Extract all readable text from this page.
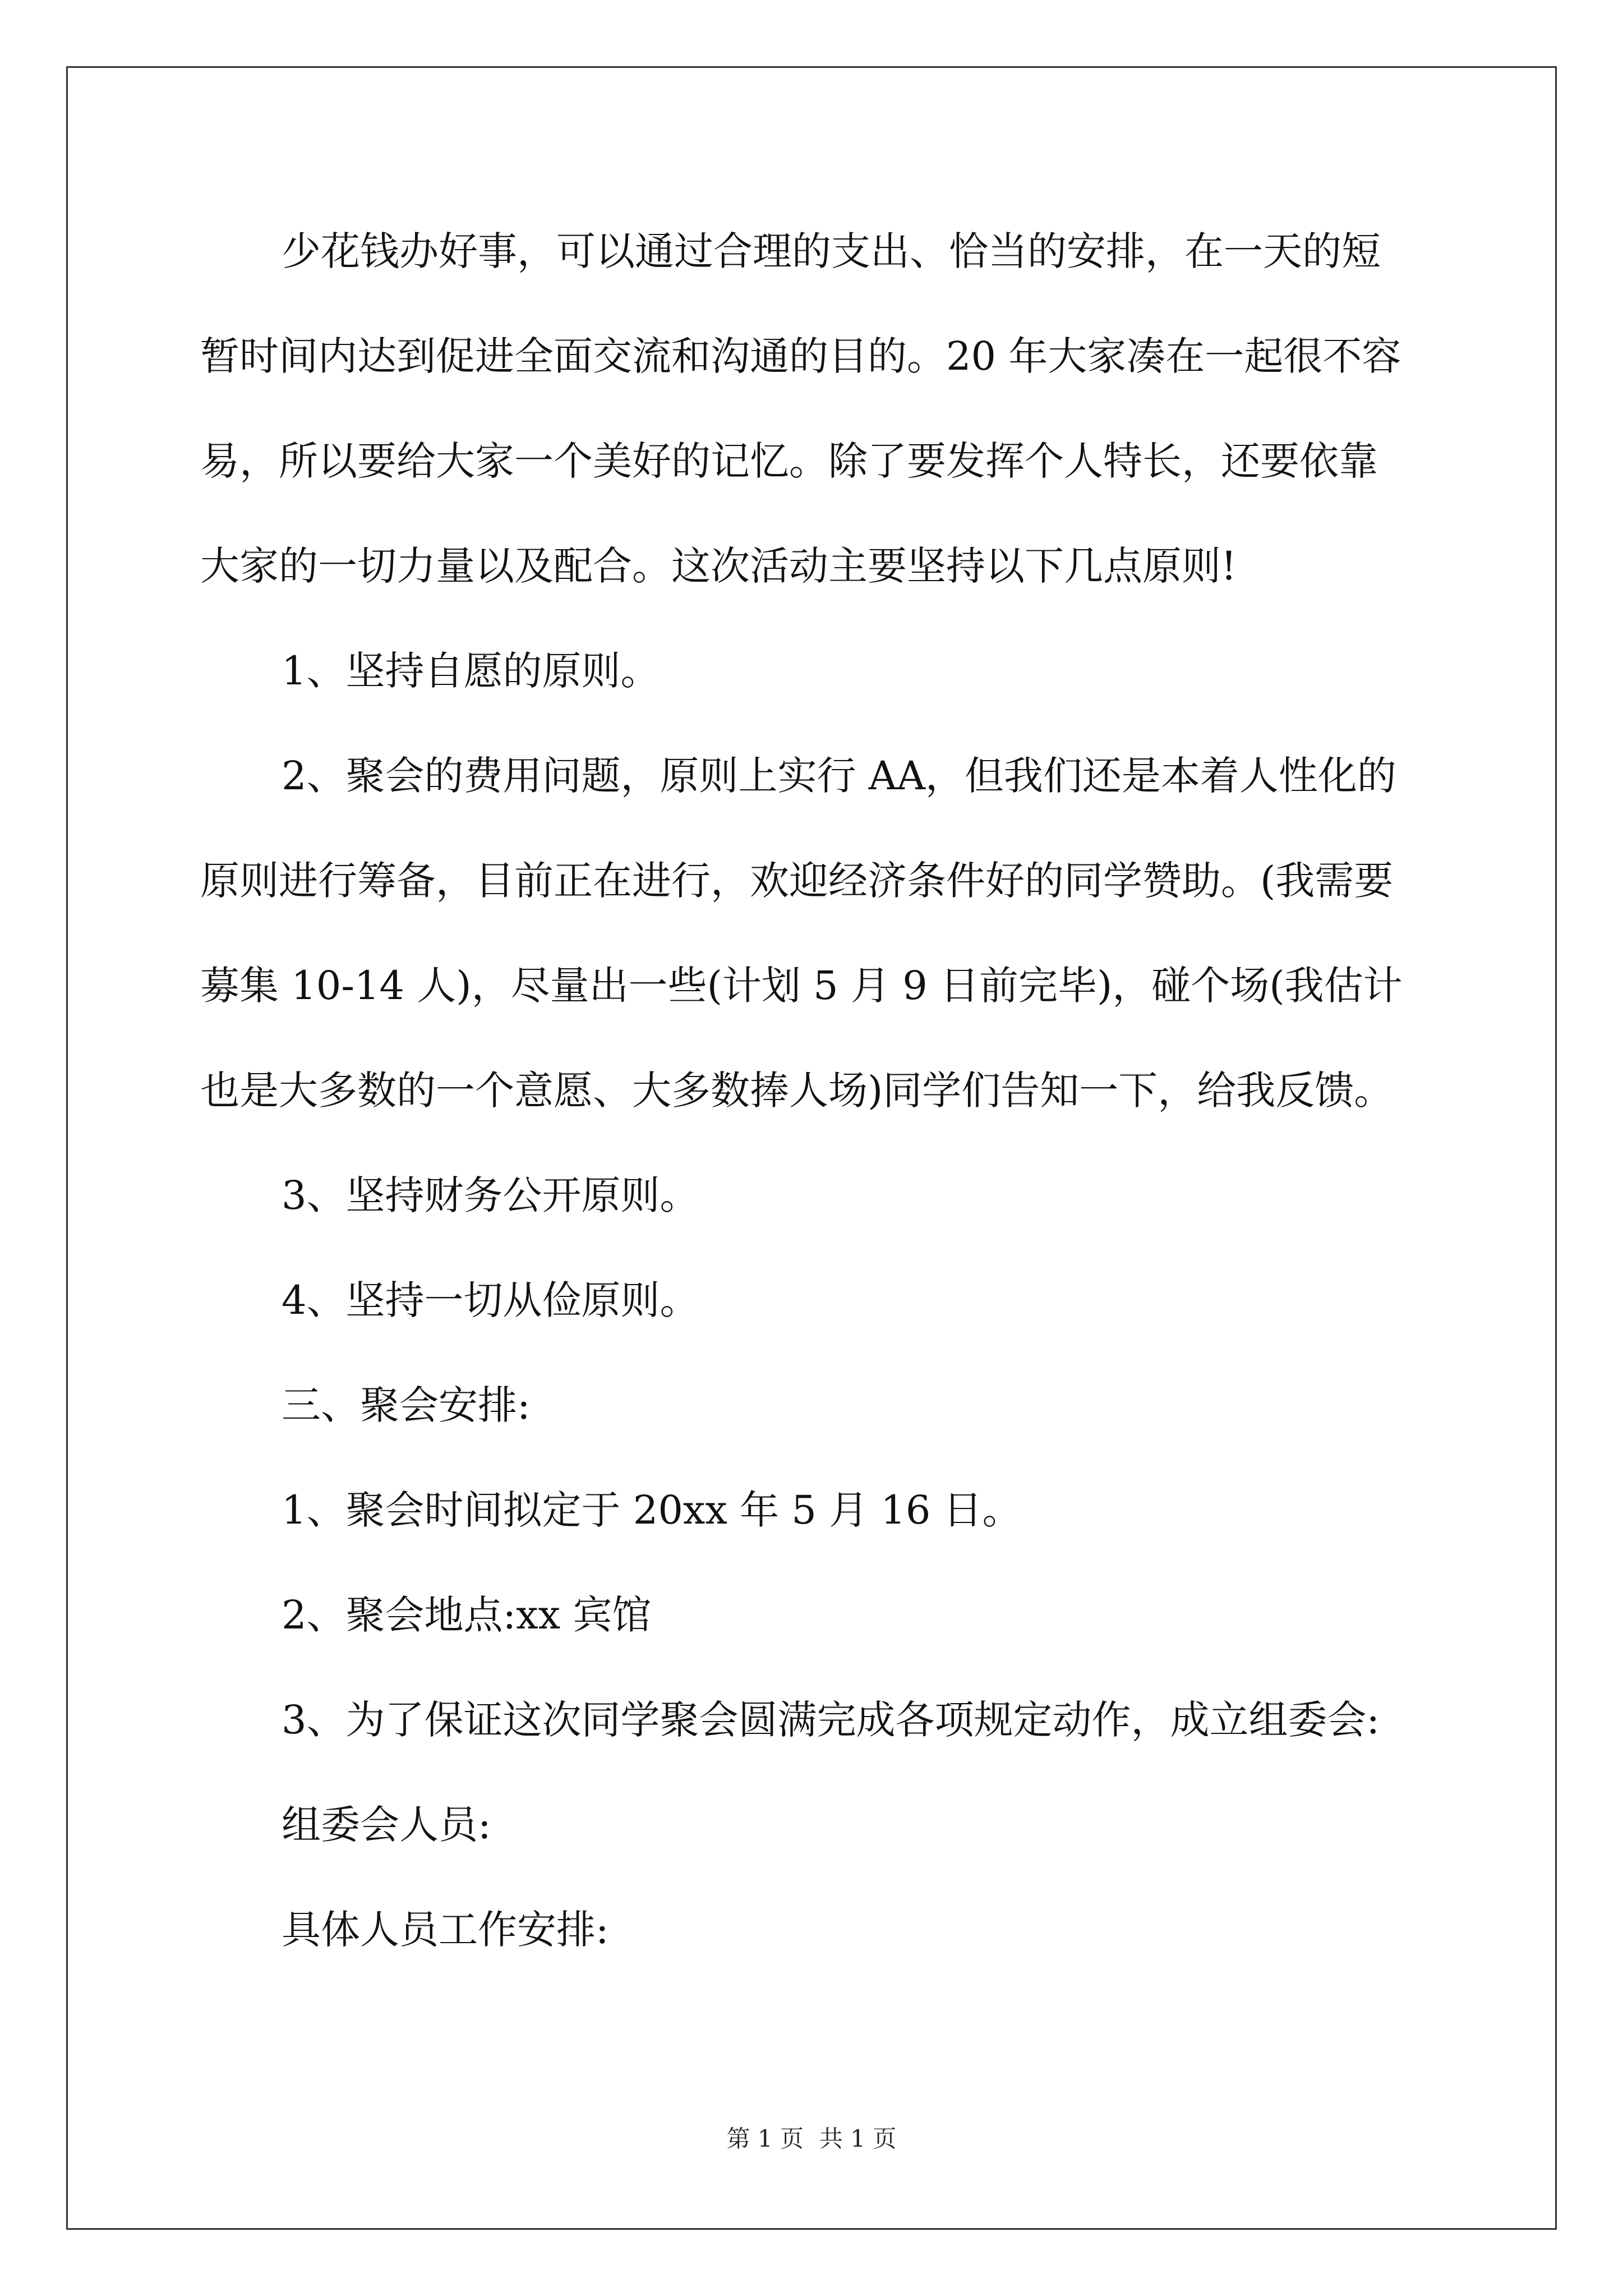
少花钱办好事，可以通过合理的支出、恰当的安排，在一天的短
暂时间内达到促进全面交流和沟通的目的。20 年大家凑在一起很不容
易，所以要给大家一个美好的记忆。除了要发挥个人特长，还要依靠
大家的一切力量以及配合。这次活动主要坚持以下几点原则!
1、坚持自愿的原则。
2、聚会的费用问题，原则上实行 AA，但我们还是本着人性化的
原则进行筹备，目前正在进行，欢迎经济条件好的同学赞助。(我需要
募集 10-14 人)，尽量出一些(计划 5 月 9 日前完毕)，碰个场(我估计
也是大多数的一个意愿、大多数捧人场)同学们告知一下，给我反馈。
3、坚持财务公开原则。
4、坚持一切从俭原则。
三、聚会安排:
1、聚会时间拟定于 20xx 年 5 月 16 日。
2、聚会地点:xx 宾馆
3、为了保证这次同学聚会圆满完成各项规定动作，成立组委会:
组委会人员:
具体人员工作安排:
第 1 页 共 1 页
